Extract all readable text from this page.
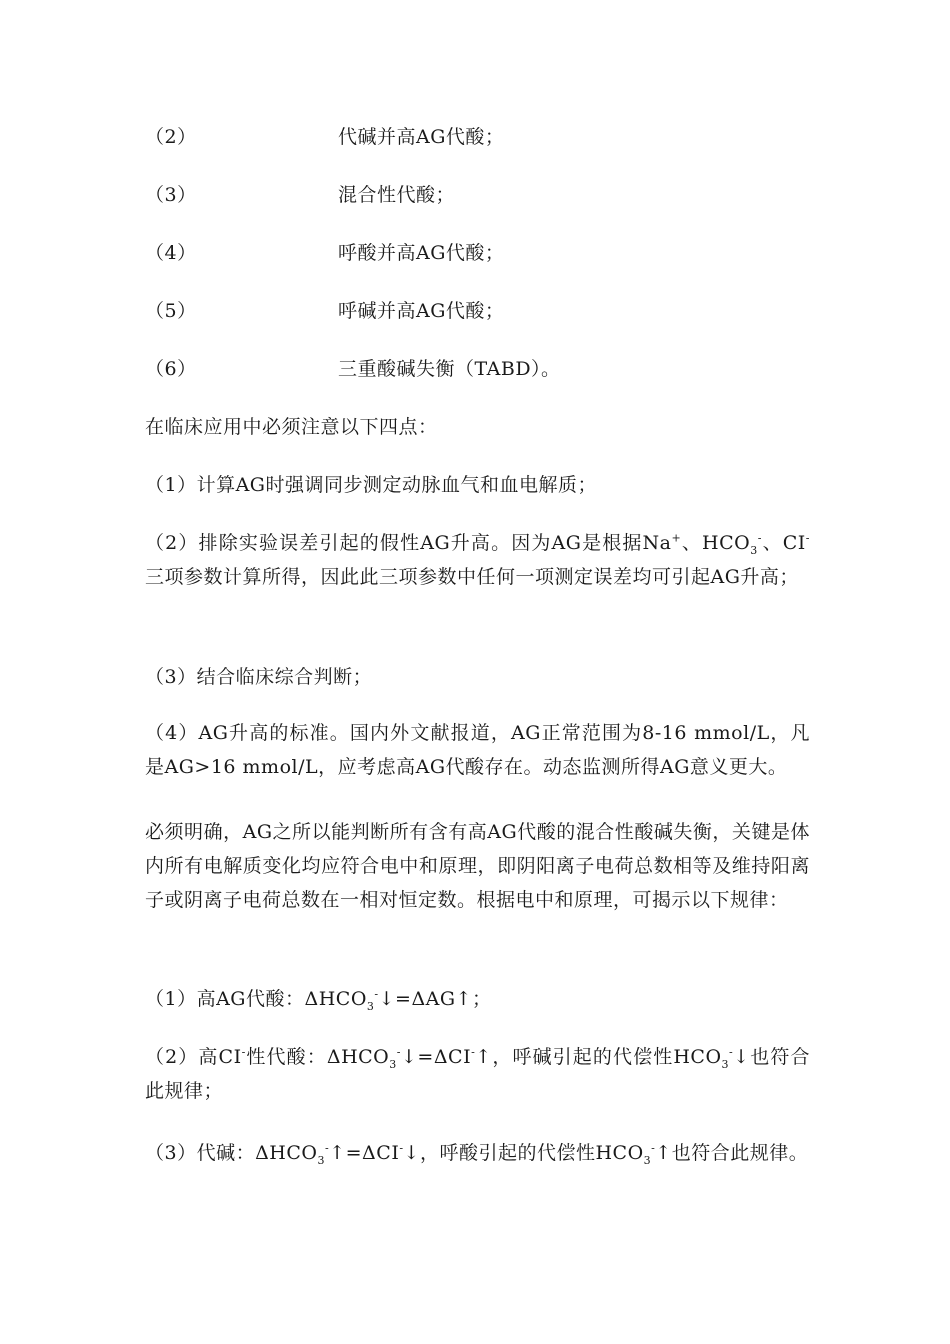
（2）	代碱并高AG代酸；
（3）	混合性代酸；
（4）	呼酸并高AG代酸；
（5）	呼碱并高AG代酸；
（6）	三重酸碱失衡（TABD）。
在临床应用中必须注意以下四点：
（1）计算AG时强调同步测定动脉血气和血电解质；
（2）排除实验误差引起的假性AG升高。因为AG是根据Na+、$HCO_3^-$、CI-三项参数计算所得，因此此三项参数中任何一项测定误差均可引起AG升高；
（3）结合临床综合判断；
（4）AG升高的标准。国内外文献报道，AG正常范围为8-16 mmol/L，凡是AG>16 mmol/L，应考虑高AG代酸存在。动态监测所得AG意义更大。
必须明确，AG之所以能判断所有含有高AG代酸的混合性酸碱失衡，关键是体内所有电解质变化均应符合电中和原理，即阴阳离子电荷总数相等及维持阳离子或阴离子电荷总数在一相对恒定数。根据电中和原理，可揭示以下规律：
（1）高AG代酸：$\Delta HCO_3^-↓=\Delta AG↑$；
（2）高CI-性代酸：$\Delta HCO_3^-↓=\Delta CI^-↑$，呼碱引起的代偿性$HCO_3^-↓$也符合此规律；
（3）代碱：$\Delta HCO_3^-↑=\Delta CI^-↓$，呼酸引起的代偿性$HCO_3^-↑$也符合此规律。
